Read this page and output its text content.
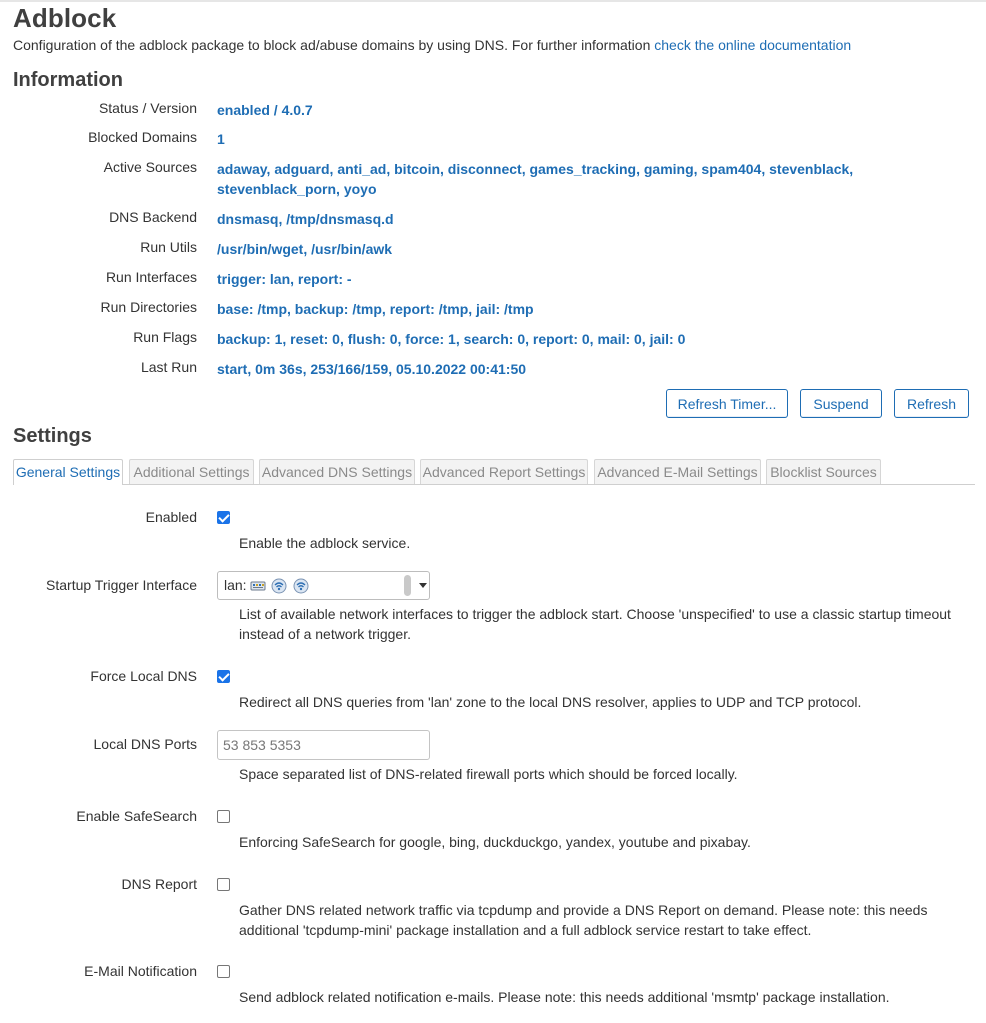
Adblock
Configuration of the adblock package to block ad/abuse domains by using DNS. For further information check the online documentation
Information
Status / Version enabled / 4.0.7
Blocked Domains 1
Active Sources adaway, adguard, anti_ad, bitcoin, disconnect, games_tracking, gaming, spam404, stevenblack, stevenblack_porn, yoyo
DNS Backend dnsmasq, /tmp/dnsmasq.d
Run Utils /usr/bin/wget, /usr/bin/awk
Run Interfaces trigger: lan, report: -
Run Directories base: /tmp, backup: /tmp, report: /tmp, jail: /tmp
Run Flags backup: 1, reset: 0, flush: 0, force: 1, search: 0, report: 0, mail: 0, jail: 0
Last Run start, 0m 36s, 253/166/159, 05.10.2022 00:41:50
Refresh Timer...	Suspend	Refresh
Settings
General Settings Additional Settings Advanced DNS Settings Advanced Report Settings Advanced E-Mail Settings Blocklist Sources
Enabled
Enable the adblock service.
Startup Trigger Interface lan:
List of available network interfaces to trigger the adblock start. Choose 'unspecified' to use a classic startup timeout instead of a network trigger.
Force Local DNS
Redirect all DNS queries from 'lan' zone to the local DNS resolver, applies to UDP and TCP protocol.
Local DNS Ports
53 853 5353
Space separated list of DNS-related firewall ports which should be forced locally.
Enable SafeSearch
Enforcing SafeSearch for google, bing, duckduckgo, yandex, youtube and pixabay.
DNS Report
Gather DNS related network traffic via tcpdump and provide a DNS Report on demand. Please note: this needs additional 'tcpdump-mini' package installation and a full adblock service restart to take effect.
E-Mail Notification
Send adblock related notification e-mails. Please note: this needs additional 'msmtp' package installation.
